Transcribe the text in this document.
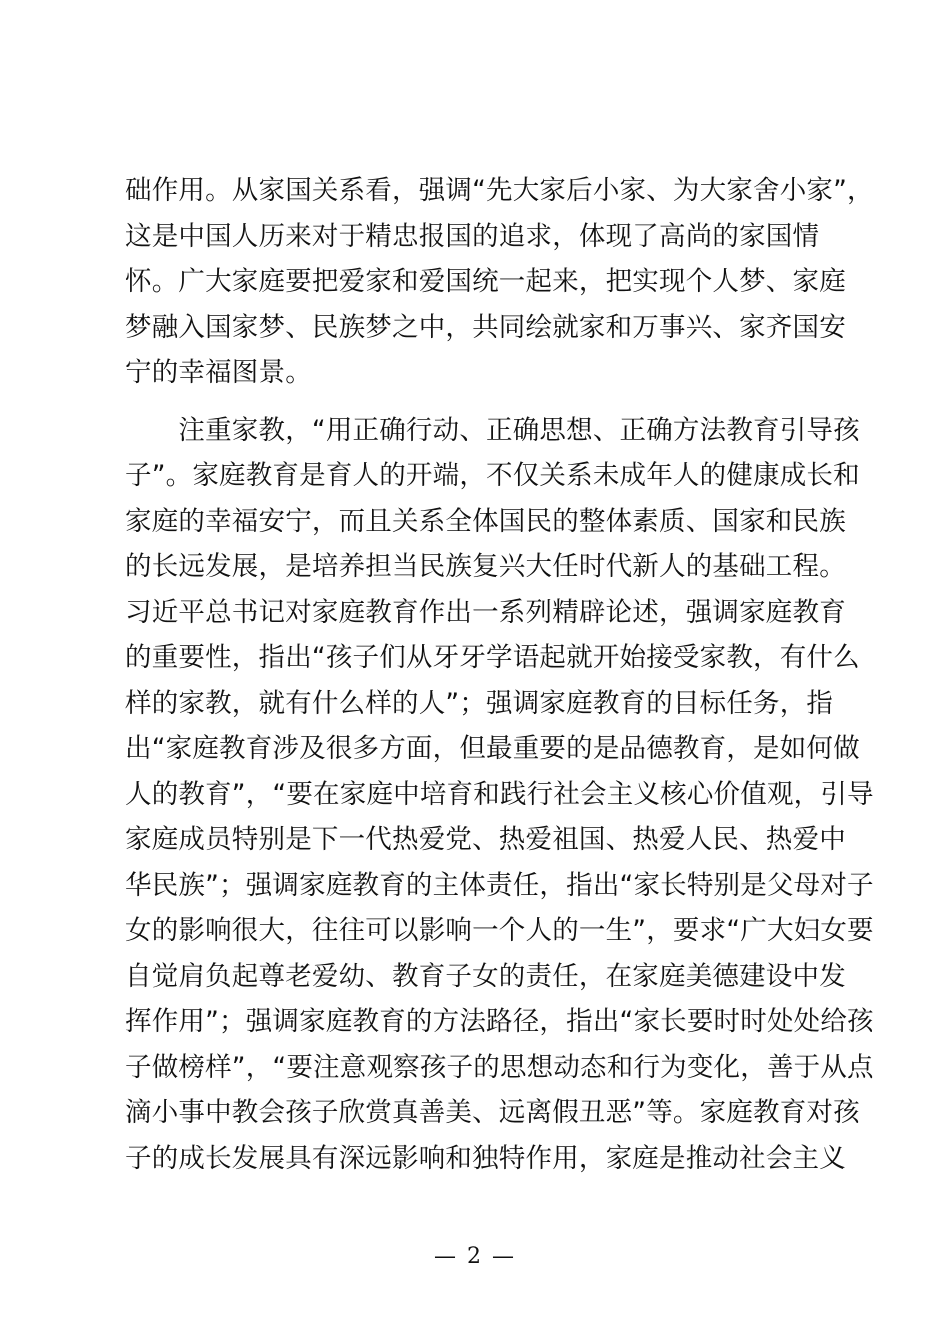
础作用。从家国关系看，强调“先大家后小家、为大家舍小家”，
这是中国人历来对于精忠报国的追求，体现了高尚的家国情
怀。广大家庭要把爱家和爱国统一起来，把实现个人梦、家庭
梦融入国家梦、民族梦之中，共同绘就家和万事兴、家齐国安
宁的幸福图景。
　　注重家教，“用正确行动、正确思想、正确方法教育引导孩
子”。家庭教育是育人的开端，不仅关系未成年人的健康成长和
家庭的幸福安宁，而且关系全体国民的整体素质、国家和民族
的长远发展，是培养担当民族复兴大任时代新人的基础工程。
习近平总书记对家庭教育作出一系列精辟论述，强调家庭教育
的重要性，指出“孩子们从牙牙学语起就开始接受家教，有什么
样的家教，就有什么样的人”；强调家庭教育的目标任务，指
出“家庭教育涉及很多方面，但最重要的是品德教育，是如何做
人的教育”，“要在家庭中培育和践行社会主义核心价值观，引导
家庭成员特别是下一代热爱党、热爱祖国、热爱人民、热爱中
华民族”；强调家庭教育的主体责任，指出“家长特别是父母对子
女的影响很大，往往可以影响一个人的一生”，要求“广大妇女要
自觉肩负起尊老爱幼、教育子女的责任，在家庭美德建设中发
挥作用”；强调家庭教育的方法路径，指出“家长要时时处处给孩
子做榜样”，“要注意观察孩子的思想动态和行为变化，善于从点
滴小事中教会孩子欣赏真善美、远离假丑恶”等。家庭教育对孩
子的成长发展具有深远影响和独特作用，家庭是推动社会主义
— 2 —
